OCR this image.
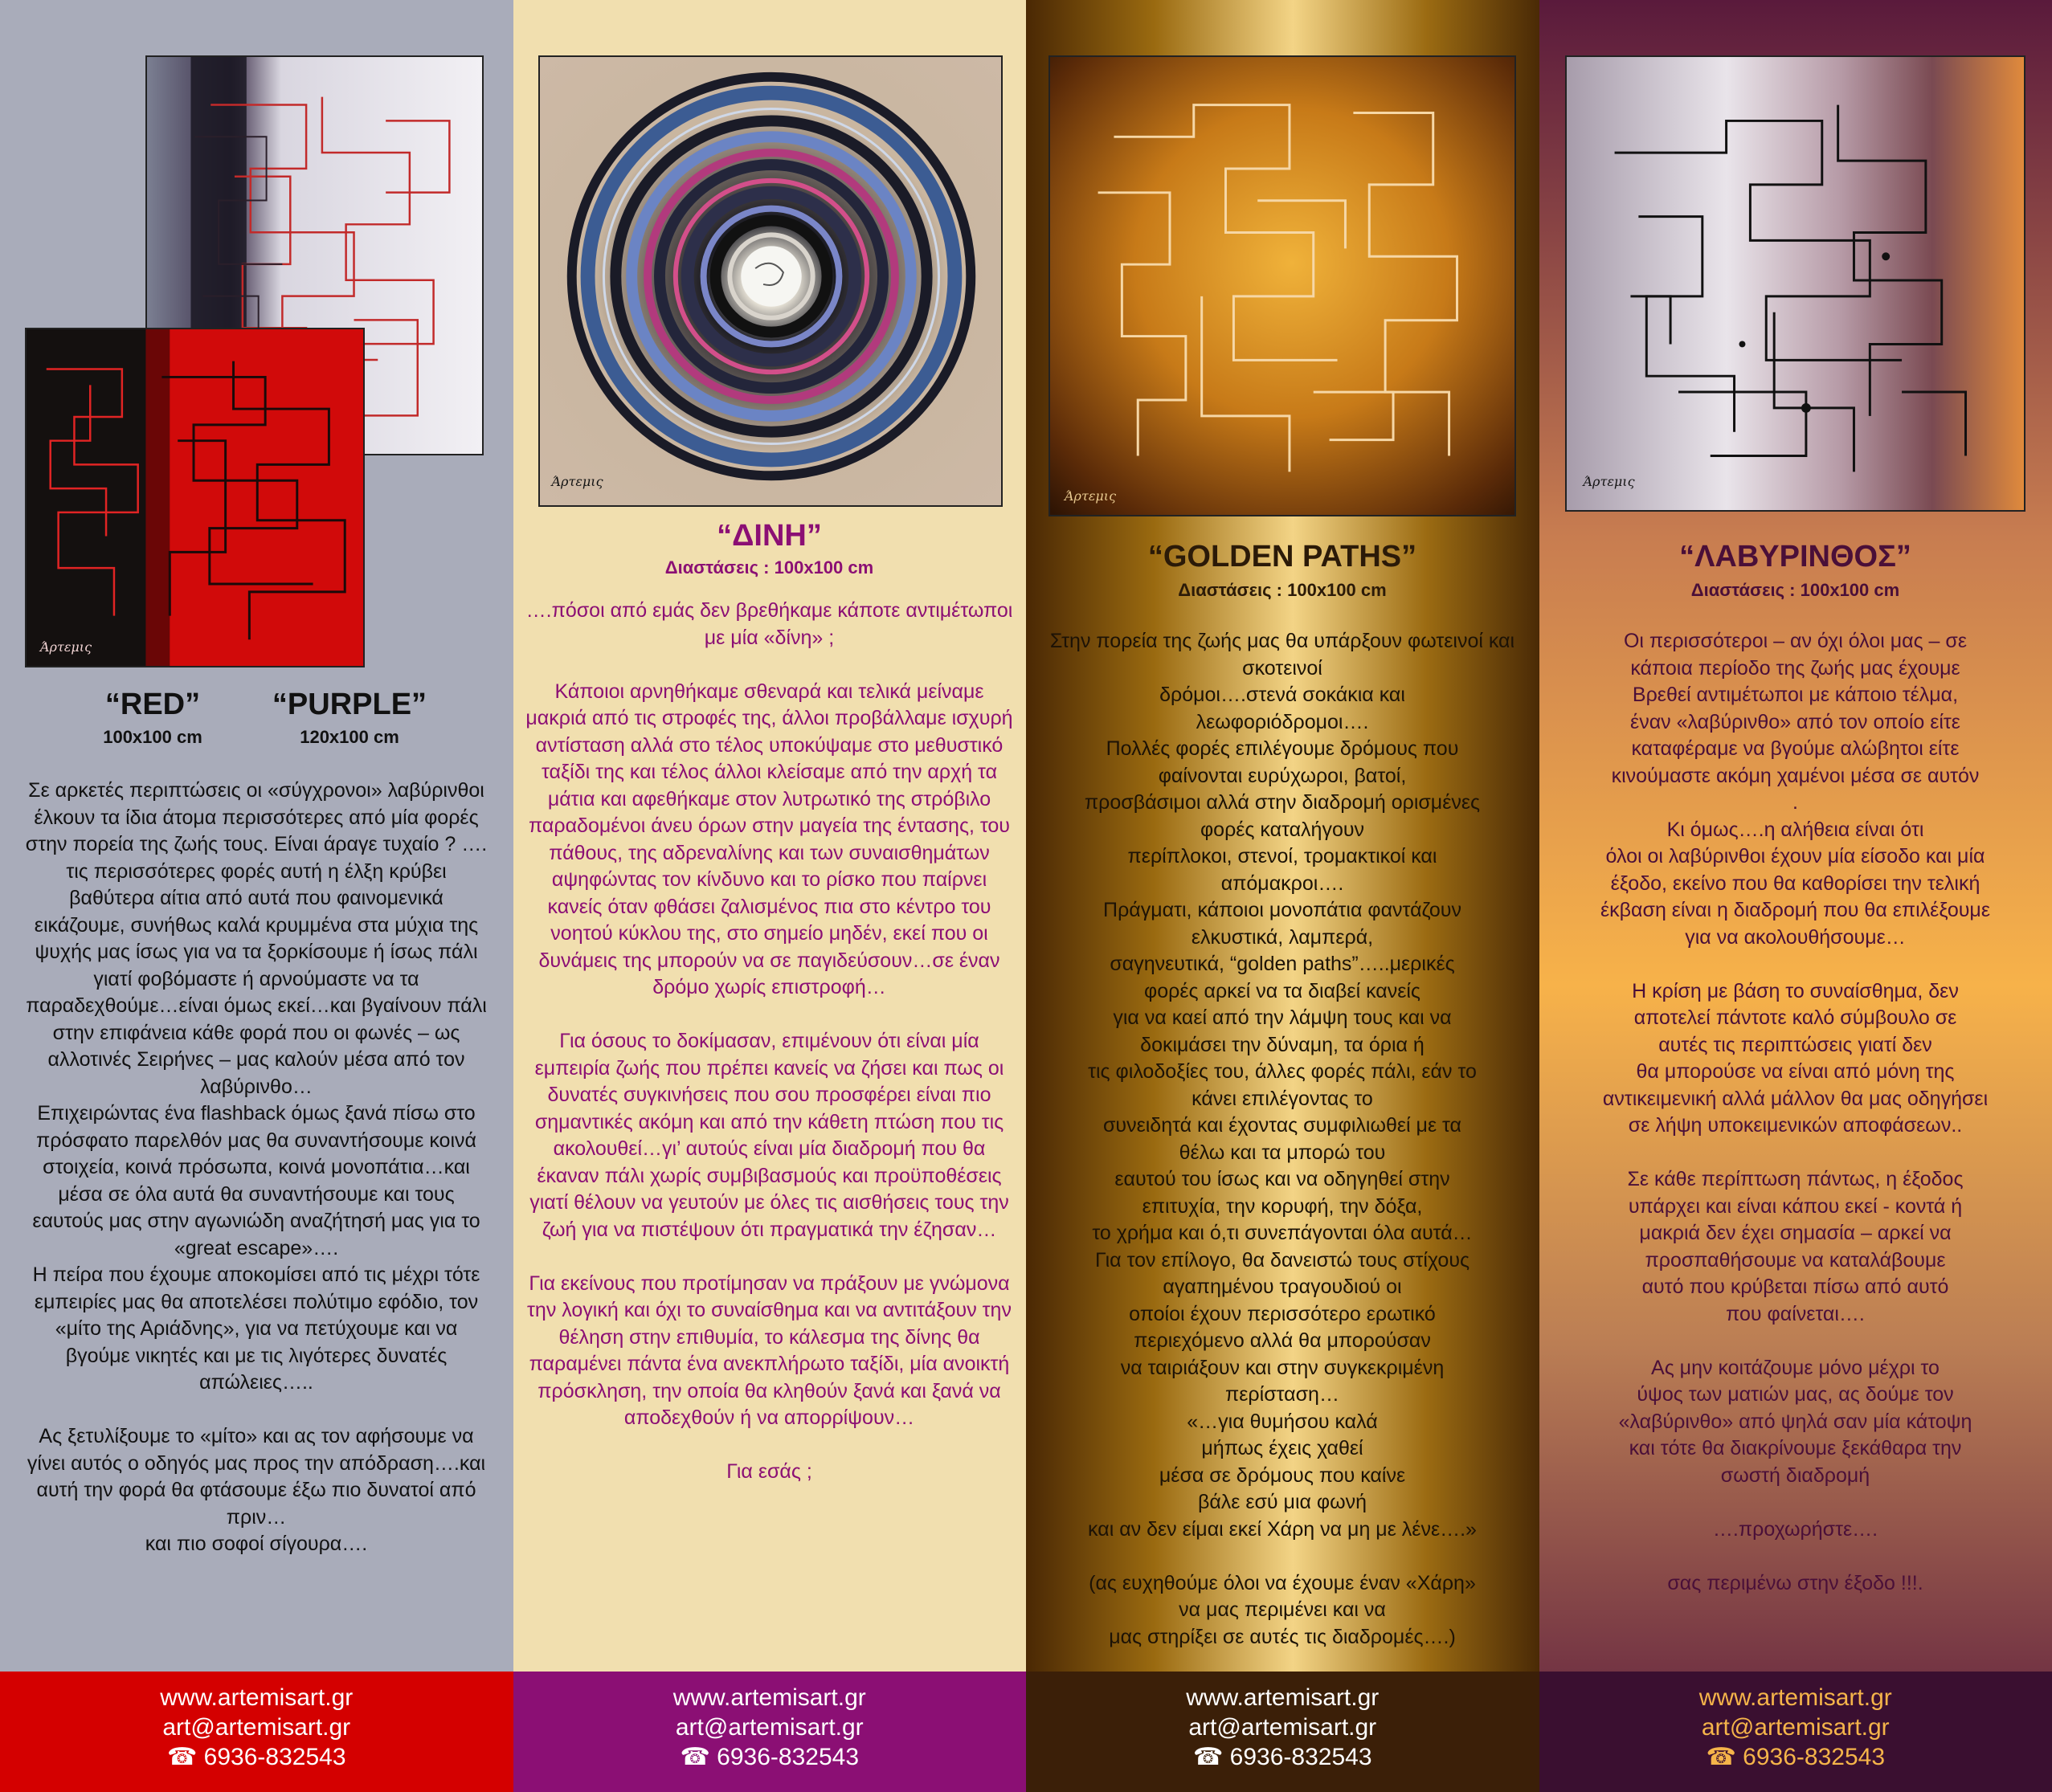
Άρτεμις
“RED”
100x100 cm
“PURPLE”
120x100 cm
Σε αρκετές περιπτώσεις οι «σύγχρονοι» λαβύρινθοι έλκουν τα ίδια άτομα περισσότερες από μία φορές στην πορεία της ζωής τους. Είναι άραγε τυχαίο ? ….
τις περισσότερες φορές αυτή η έλξη κρύβει βαθύτερα αίτια από αυτά που φαινομενικά εικάζουμε, συνήθως καλά κρυμμένα στα μύχια της ψυχής μας ίσως για να τα ξορκίσουμε ή ίσως πάλι γιατί φοβόμαστε ή αρνούμαστε να τα παραδεχθούμε…είναι όμως εκεί…και βγαίνουν πάλι στην επιφάνεια κάθε φορά που οι φωνές – ως αλλοτινές Σειρήνες – μας καλούν μέσα από τον λαβύρινθο…
Επιχειρώντας ένα flashback όμως ξανά πίσω στο πρόσφατο παρελθόν μας θα συναντήσουμε κοινά στοιχεία, κοινά πρόσωπα, κοινά μονοπάτια…και μέσα σε όλα αυτά θα συναντήσουμε και τους εαυτούς μας στην αγωνιώδη αναζήτησή μας για το «great escape»….
Η πείρα που έχουμε αποκομίσει από τις μέχρι τότε εμπειρίες μας θα αποτελέσει πολύτιμο εφόδιο, τον «μίτο της Αριάδνης», για να πετύχουμε και να βγούμε νικητές και με τις λιγότερες δυνατές απώλειες…..

Ας ξετυλίξουμε το «μίτο» και ας τον αφήσουμε να γίνει αυτός ο οδηγός μας προς την απόδραση….και αυτή την φορά θα φτάσουμε έξω πιο δυνατοί από πριν…
και πιο σοφοί σίγουρα….
www.artemisart.gr
art@artemisart.gr
☎ 6936-832543
Άρτεμις
“ΔΙΝΗ”
Διαστάσεις : 100x100 cm
….πόσοι από εμάς δεν βρεθήκαμε κάποτε αντιμέτωποι με μία «δίνη» ;

Κάποιοι αρνηθήκαμε σθεναρά και τελικά μείναμε μακριά από τις στροφές της, άλλοι προβάλλαμε ισχυρή αντίσταση αλλά στο τέλος υποκύψαμε στο μεθυστικό ταξίδι της και τέλος άλλοι κλείσαμε από την αρχή τα μάτια και αφεθήκαμε στον λυτρωτικό της στρόβιλο παραδομένοι άνευ όρων στην μαγεία της έντασης, του πάθους, της αδρεναλίνης και των συναισθημάτων αψηφώντας τον κίνδυνο και το ρίσκο που παίρνει κανείς όταν φθάσει ζαλισμένος πια στο κέντρο του νοητού κύκλου της, στο σημείο μηδέν, εκεί που οι δυνάμεις της μπορούν να σε παγιδεύσουν…σε έναν δρόμο χωρίς επιστροφή…

Για όσους το δοκίμασαν, επιμένουν ότι είναι μία εμπειρία ζωής που πρέπει κανείς να ζήσει και πως οι δυνατές συγκινήσεις που σου προσφέρει είναι πιο σημαντικές ακόμη και από την κάθετη πτώση που τις ακολουθεί…γι’ αυτούς είναι μία διαδρομή που θα έκαναν πάλι χωρίς συμβιβασμούς και προϋποθέσεις γιατί θέλουν να γευτούν με όλες τις αισθήσεις τους την ζωή για να πιστέψουν ότι πραγματικά την έζησαν…

Για εκείνους που προτίμησαν να πράξουν με γνώμονα την λογική και όχι το συναίσθημα και να αντιτάξουν την θέληση στην επιθυμία, το κάλεσμα της δίνης θα παραμένει πάντα ένα ανεκπλήρωτο ταξίδι, μία ανοικτή πρόσκληση, την οποία θα κληθούν ξανά και ξανά να αποδεχθούν ή να απορρίψουν…

Για εσάς ;
www.artemisart.gr
art@artemisart.gr
☎ 6936-832543
Άρτεμις
“GOLDEN PATHS”
Διαστάσεις : 100x100 cm
Στην πορεία της ζωής μας θα υπάρξουν φωτεινοί και σκοτεινοί
δρόμοι….στενά σοκάκια και
λεωφοριόδρομοι….
Πολλές φορές επιλέγουμε δρόμους που
φαίνονται ευρύχωροι, βατοί,
προσβάσιμοι αλλά στην διαδρομή ορισμένες
φορές καταλήγουν
περίπλοκοι, στενοί, τρομακτικοί και
απόμακροι….
Πράγματι, κάποιοι μονοπάτια φαντάζουν
ελκυστικά, λαμπερά,
σαγηνευτικά, “golden paths”…..μερικές
φορές αρκεί να τα διαβεί κανείς
για να καεί από την λάμψη τους και να
δοκιμάσει την δύναμη, τα όρια ή
τις φιλοδοξίες του, άλλες φορές πάλι, εάν το
κάνει επιλέγοντας το
συνειδητά και έχοντας συμφιλιωθεί με τα
θέλω και τα μπορώ του
εαυτού του ίσως και να οδηγηθεί στην
επιτυχία, την κορυφή, την δόξα,
το χρήμα και ό,τι συνεπάγονται όλα αυτά…
Για τον επίλογο, θα δανειστώ τους στίχους
αγαπημένου τραγουδιού οι
οποίοι έχουν περισσότερο ερωτικό
περιεχόμενο αλλά θα μπορούσαν
να ταιριάξουν και στην συγκεκριμένη
περίσταση…
«…για θυμήσου καλά
μήπως έχεις χαθεί
μέσα σε δρόμους που καίνε
βάλε εσύ μια φωνή
και αν δεν είμαι εκεί Χάρη να μη με λένε….»

(ας ευχηθούμε όλοι να έχουμε έναν «Χάρη»
να μας περιμένει και να
μας στηρίξει σε αυτές τις διαδρομές….)
www.artemisart.gr
art@artemisart.gr
☎ 6936-832543
Άρτεμις
“ΛΑΒΥΡΙΝΘΟΣ”
Διαστάσεις : 100x100 cm
Οι περισσότεροι – αν όχι όλοι μας – σε
κάποια περίοδο της ζωής μας έχουμε
Βρεθεί αντιμέτωποι με κάποιο τέλμα,
έναν «λαβύρινθο» από τον οποίο είτε
καταφέραμε να βγούμε αλώβητοι είτε
κινούμαστε ακόμη χαμένοι μέσα σε αυτόν
.
Κι όμως….η αλήθεια είναι ότι
όλοι οι λαβύρινθοι έχουν μία είσοδο και μία
έξοδο, εκείνο που θα καθορίσει την τελική
έκβαση είναι η διαδρομή που θα επιλέξουμε
για να ακολουθήσουμε…

Η κρίση με βάση το συναίσθημα, δεν
αποτελεί πάντοτε καλό σύμβουλο σε
αυτές τις περιπτώσεις γιατί δεν
θα μπορούσε να είναι από μόνη της
αντικειμενική αλλά μάλλον θα μας οδηγήσει
σε λήψη υποκειμενικών αποφάσεων..

Σε κάθε περίπτωση πάντως, η έξοδος
υπάρχει και είναι κάπου εκεί - κοντά ή
μακριά δεν έχει σημασία – αρκεί να
προσπαθήσουμε να καταλάβουμε
αυτό που κρύβεται πίσω από αυτό
που φαίνεται….

Ας μην κοιτάζουμε μόνο μέχρι το
ύψος των ματιών μας, ας δούμε τον
«λαβύρινθο» από ψηλά σαν μία κάτοψη
και τότε θα διακρίνουμε ξεκάθαρα την
σωστή διαδρομή

….προχωρήστε….

σας περιμένω στην έξοδο !!!.
www.artemisart.gr
art@artemisart.gr
☎ 6936-832543
